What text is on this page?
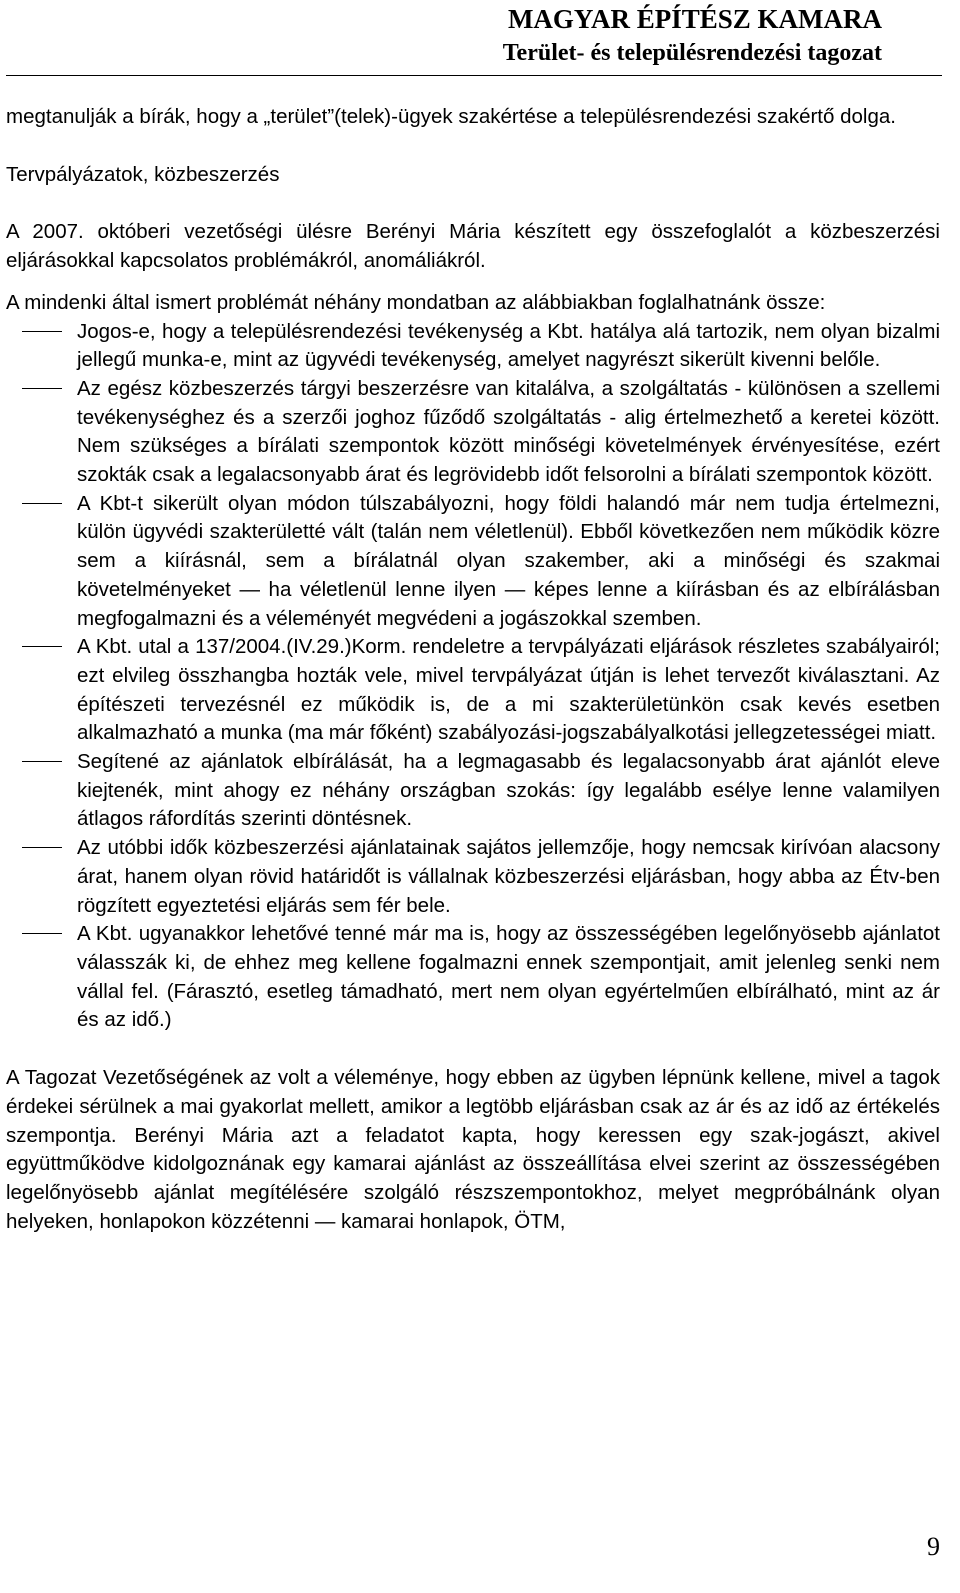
MAGYAR ÉPÍTÉSZ KAMARA
Terület- és településrendezési tagozat

megtanulják a bírák, hogy a „terület”(telek)-ügyek szakértése a településrendezési szakértő dolga.

Tervpályázatok, közbeszerzés

A 2007. októberi vezetőségi ülésre Berényi Mária készített egy összefoglalót a közbeszerzési eljárásokkal kapcsolatos problémákról, anomáliákról.

A mindenki által ismert problémát néhány mondatban az alábbiakban foglalhatnánk össze:

Jogos-e, hogy a településrendezési tevékenység a Kbt. hatálya alá tartozik, nem olyan bizalmi jellegű munka-e, mint az ügyvédi tevékenység, amelyet nagyrészt sikerült kivenni belőle.
Az egész közbeszerzés tárgyi beszerzésre van kitalálva, a szolgáltatás - különösen a szellemi tevékenységhez és a szerzői joghoz fűződő szolgáltatás - alig értelmezhető a keretei között. Nem szükséges a bírálati szempontok között minőségi követelmények érvényesítése, ezért szokták csak a legalacsonyabb árat és legrövidebb időt felsorolni a bírálati szempontok között.
A Kbt-t sikerült olyan módon túlszabályozni, hogy földi halandó már nem tudja értelmezni, külön ügyvédi szakterületté vált (talán nem véletlenül). Ebből következően nem működik közre sem a kiírásnál, sem a bírálatnál olyan szakember, aki a minőségi és szakmai követelményeket ― ha véletlenül lenne ilyen ― képes lenne a kiírásban és az elbírálásban megfogalmazni és a véleményét megvédeni a jogászokkal szemben.
A Kbt. utal a 137/2004.(IV.29.)Korm. rendeletre a tervpályázati eljárások részletes szabályairól; ezt elvileg összhangba hozták vele, mivel tervpályázat útján is lehet tervezőt kiválasztani. Az építészeti tervezésnél ez működik is, de a mi szakterületünkön csak kevés esetben alkalmazható a munka (ma már főként) szabályozási-jogszabályalkotási jellegzetességei miatt.
Segítené az ajánlatok elbírálását, ha a legmagasabb és legalacsonyabb árat ajánlót eleve kiejtenék, mint ahogy ez néhány országban szokás: így legalább esélye lenne valamilyen átlagos ráfordítás szerinti döntésnek.
Az utóbbi idők közbeszerzési ajánlatainak sajátos jellemzője, hogy nemcsak kirívóan alacsony árat, hanem olyan rövid határidőt is vállalnak közbeszerzési eljárásban, hogy abba az Étv-ben rögzített egyeztetési eljárás sem fér bele.
A Kbt. ugyanakkor lehetővé tenné már ma is, hogy az összességében legelőnyösebb ajánlatot válasszák ki, de ehhez meg kellene fogalmazni ennek szempontjait, amit jelenleg senki nem vállal fel. (Fárasztó, esetleg támadható, mert nem olyan egyértelműen elbírálható, mint az ár és az idő.)

A Tagozat Vezetőségének az volt a véleménye, hogy ebben az ügyben lépnünk kellene, mivel a tagok érdekei sérülnek a mai gyakorlat mellett, amikor a legtöbb eljárásban csak az ár és az idő az értékelés szempontja. Berényi Mária azt a feladatot kapta, hogy keressen egy szak-jogászt, akivel együttműködve kidolgoznának egy kamarai ajánlást az összeállítása elvei szerint az összességében legelőnyösebb ajánlat megítélésére szolgáló részszempontokhoz, melyet megpróbálnánk olyan helyeken, honlapokon közzétenni ― kamarai honlapok, ÖTM,

9
